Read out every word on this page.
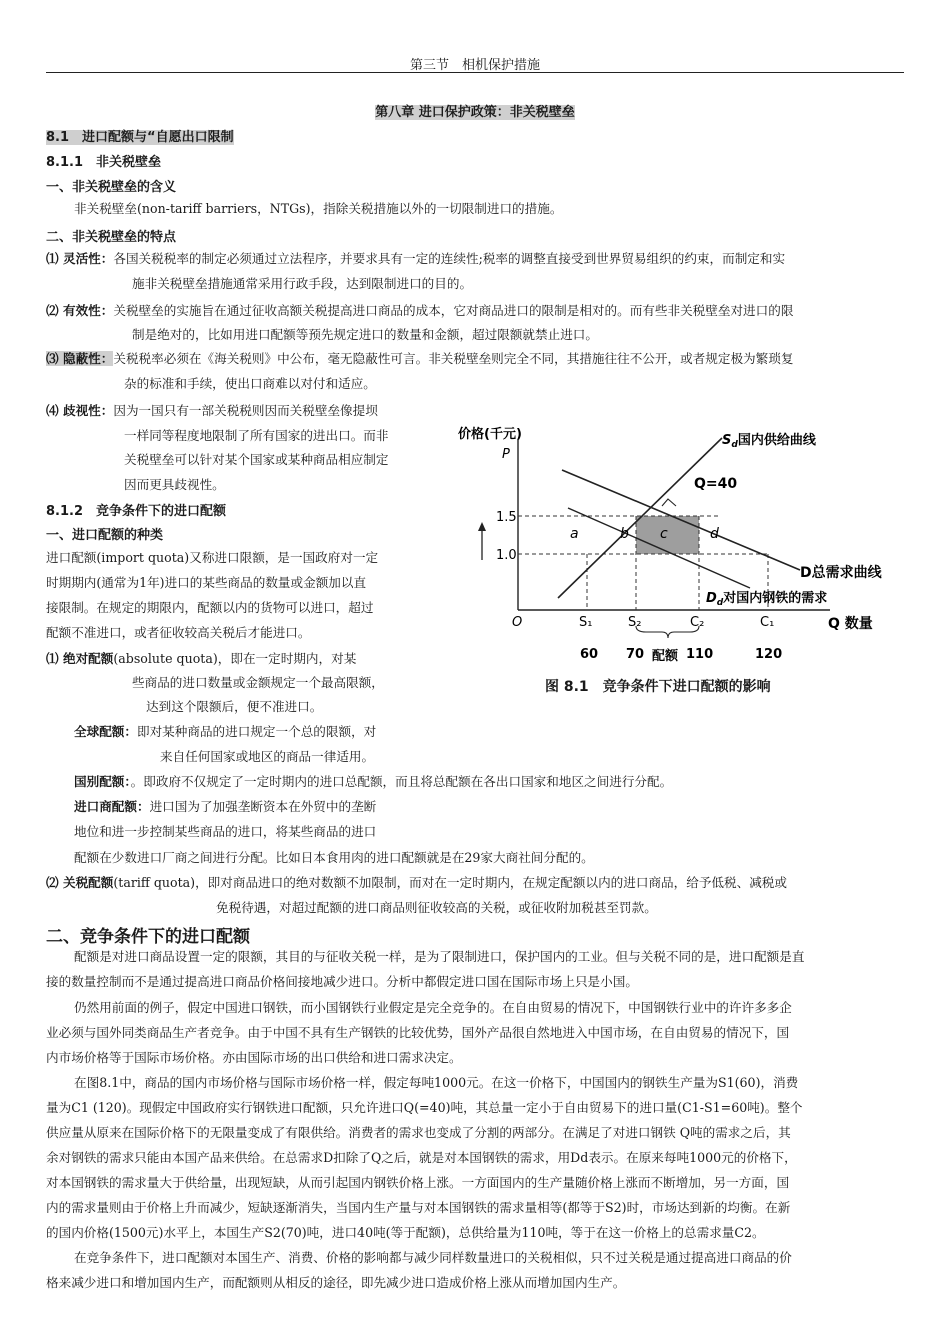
第三节　相机保护措施
第八章 进口保护政策：非关税壁垒
8.1　进口配额与“自愿出口限制
8.1.1　非关税壁垒
一、非关税壁垒的含义
非关税壁垒(non-tariff barriers，NTGs)，指除关税措施以外的一切限制进口的措施。
二、非关税壁垒的特点
⑴ 灵活性：各国关税税率的制定必须通过立法程序，并要求具有一定的连续性;税率的调整直接受到世界贸易组织的约束，而制定和实
施非关税壁垒措施通常采用行政手段，达到限制进口的目的。
⑵ 有效性：关税壁垒的实施旨在通过征收高额关税提高进口商品的成本，它对商品进口的限制是相对的。而有些非关税壁垒对进口的限
制是绝对的，比如用进口配额等预先规定进口的数量和金额，超过限额就禁止进口。
⑶ 隐蔽性：关税税率必须在《海关税则》中公布，毫无隐蔽性可言。非关税壁垒则完全不同，其措施往往不公开，或者规定极为繁琐复
杂的标准和手续，使出口商难以对付和适应。
⑷ 歧视性：因为一国只有一部关税税则因而关税壁垒像提坝
一样同等程度地限制了所有国家的进出口。而非
关税壁垒可以针对某个国家或某种商品相应制定
因而更具歧视性。
8.1.2　竞争条件下的进口配额
一、进口配额的种类
进口配额(import quota)又称进口限额，是一国政府对一定
时期期内(通常为1年)进口的某些商品的数量或金额加以直
接限制。在规定的期限内，配额以内的货物可以进口，超过
配额不准进口，或者征收较高关税后才能进口。
⑴ 绝对配额(absolute quota)，即在一定时期内，对某
些商品的进口数量或金额规定一个最高限额，
达到这个限额后，便不准进口。
全球配额：即对某种商品的进口规定一个总的限额，对
来自任何国家或地区的商品一律适用。
国别配额：。即政府不仅规定了一定时期内的进口总配额，而且将总配额在各出口国家和地区之间进行分配。
进口商配额：进口国为了加强垄断资本在外贸中的垄断
地位和进一步控制某些商品的进口，将某些商品的进口
配额在少数进口厂商之间进行分配。比如日本食用肉的进口配额就是在29家大商社间分配的。
⑵ 关税配额(tariff quota)，即对商品进口的绝对数额不加限制，而对在一定时期内，在规定配额以内的进口商品，给予低税、减税或
免税待遇，对超过配额的进口商品则征收较高的关税，或征收附加税甚至罚款。
二、竞争条件下的进口配额
配额是对进口商品设置一定的限额，其目的与征收关税一样，是为了限制进口，保护国内的工业。但与关税不同的是，进口配额是直
接的数量控制而不是通过提高进口商品价格间接地减少进口。分析中都假定进口国在国际市场上只是小国。
仍然用前面的例子，假定中国进口钢铁，而小国钢铁行业假定是完全竞争的。在自由贸易的情况下，中国钢铁行业中的许许多多企
业必须与国外同类商品生产者竞争。由于中国不具有生产钢铁的比较优势，国外产品很自然地进入中国市场，在自由贸易的情况下，国
内市场价格等于国际市场价格。亦由国际市场的出口供给和进口需求决定。
在图8.1中，商品的国内市场价格与国际市场价格一样，假定每吨1000元。在这一价格下，中国国内的钢铁生产量为S1(60)，消费
量为C1 (120)。现假定中国政府实行钢铁进口配额，只允许进口Q(=40)吨，其总量一定小于自由贸易下的进口量(C1-S1=60吨)。整个
供应量从原来在国际价格下的无限量变成了有限供给。消费者的需求也变成了分割的两部分。在满足了对进口钢铁 Q吨的需求之后，其
余对钢铁的需求只能由本国产品来供给。在总需求D扣除了Q之后，就是对本国钢铁的需求，用Dd表示。在原来每吨1000元的价格下，
对本国钢铁的需求量大于供给量，出现短缺，从而引起国内钢铁价格上涨。一方面国内的生产量随价格上涨而不断增加，另一方面，国
内的需求量则由于价格上升而减少，短缺逐渐消失，当国内生产量与对本国钢铁的需求量相等(都等于S2)时，市场达到新的均衡。在新
的国内价格(1500元)水平上，本国生产S2(70)吨，进口40吨(等于配额)，总供给量为110吨，等于在这一价格上的总需求量C2。
在竞争条件下，进口配额对本国生产、消费、价格的影响都与减少同样数量进口的关税相似，只不过关税是通过提高进口商品的价
格来减少进口和增加国内生产，而配额则从相反的途径，即先减少进口造成价格上涨从而增加国内生产。
价格(千元)
P
1.5
1.0
O	Q 数量
S₁	S₂	C₂	C₁
60 70 配额 110	120
Q=40
a	b c	d
$S_d$国内供给曲线
D总需求曲线
$D_d$对国内钢铁的需求
图 8.1　竞争条件下进口配额的影响
